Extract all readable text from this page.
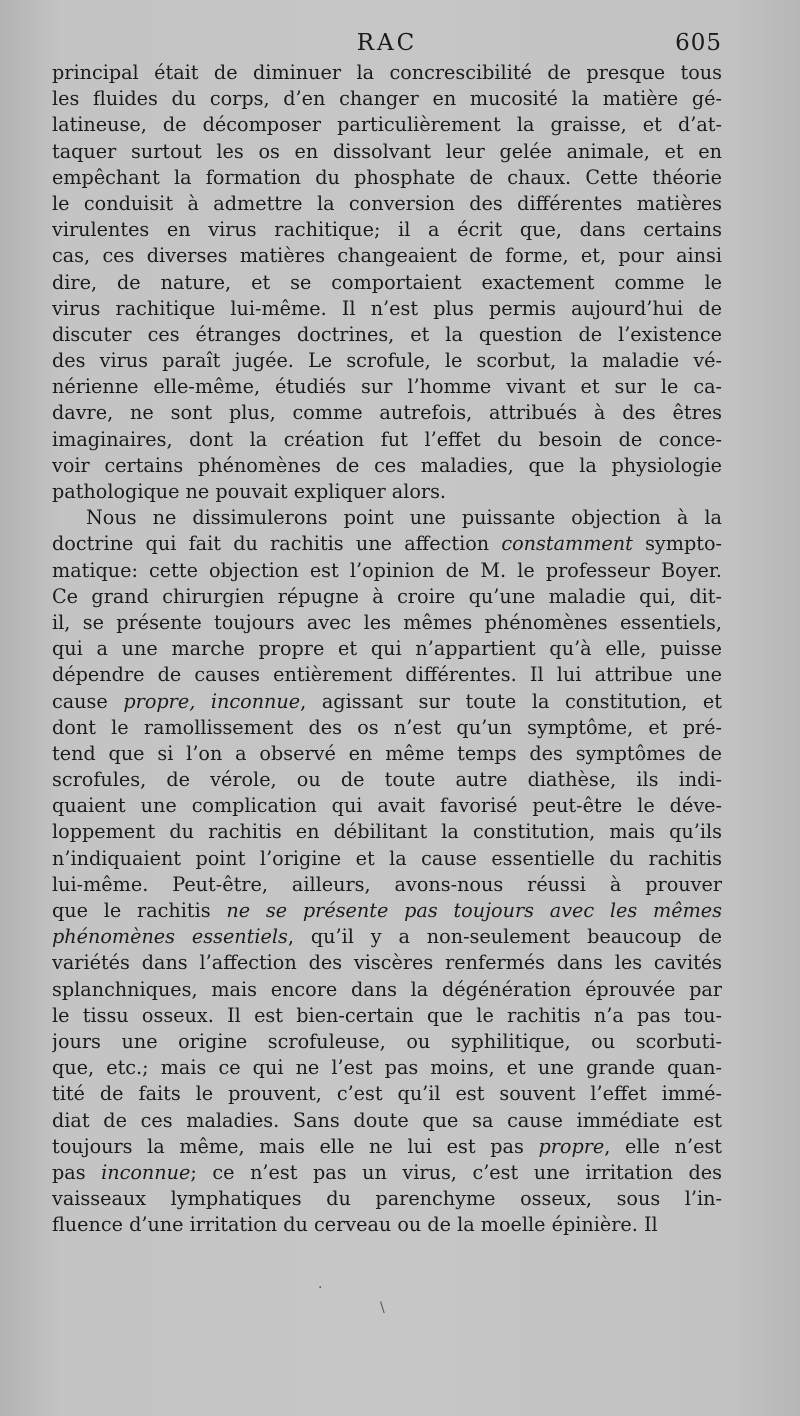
RAC	605
principal était de diminuer la concrescibilité de presque tous
les fluides du corps, d’en changer en mucosité la matière gé-
latineuse, de décomposer particulièrement la graisse, et d’at-
taquer surtout les os en dissolvant leur gelée animale, et en
empêchant la formation du phosphate de chaux. Cette théorie
le conduisit à admettre la conversion des différentes matières
virulentes en virus rachitique; il a écrit que, dans certains
cas, ces diverses matières changeaient de forme, et, pour ainsi
dire, de nature, et se comportaient exactement comme le
virus rachitique lui-même. Il n’est plus permis aujourd’hui de
discuter ces étranges doctrines, et la question de l’existence
des virus paraît jugée. Le scrofule, le scorbut, la maladie vé-
nérienne elle-même, étudiés sur l’homme vivant et sur le ca-
davre, ne sont plus, comme autrefois, attribués à des êtres
imaginaires, dont la création fut l’effet du besoin de conce-
voir certains phénomènes de ces maladies, que la physiologie
pathologique ne pouvait expliquer alors.
Nous ne dissimulerons point une puissante objection à la
doctrine qui fait du rachitis une affection constamment sympto-
matique: cette objection est l’opinion de M. le professeur Boyer.
Ce grand chirurgien répugne à croire qu’une maladie qui, dit-
il, se présente toujours avec les mêmes phénomènes essentiels,
qui a une marche propre et qui n’appartient qu’à elle, puisse
dépendre de causes entièrement différentes. Il lui attribue une
cause propre, inconnue, agissant sur toute la constitution, et
dont le ramollissement des os n’est qu’un symptôme, et pré-
tend que si l’on a observé en même temps des symptômes de
scrofules, de vérole, ou de toute autre diathèse, ils indi-
quaient une complication qui avait favorisé peut-être le déve-
loppement du rachitis en débilitant la constitution, mais qu’ils
n’indiquaient point l’origine et la cause essentielle du rachitis
lui-même. Peut-être, ailleurs, avons-nous réussi à prouver
que le rachitis ne se présente pas toujours avec les mêmes
phénomènes essentiels, qu’il y a non-seulement beaucoup de
variétés dans l’affection des viscères renfermés dans les cavités
splanchniques, mais encore dans la dégénération éprouvée par
le tissu osseux. Il est bien-certain que le rachitis n’a pas tou-
jours une origine scrofuleuse, ou syphilitique, ou scorbuti-
que, etc.; mais ce qui ne l’est pas moins, et une grande quan-
tité de faits le prouvent, c’est qu’il est souvent l’effet immé-
diat de ces maladies. Sans doute que sa cause immédiate est
toujours la même, mais elle ne lui est pas propre, elle n’est
pas inconnue; ce n’est pas un virus, c’est une irritation des
vaisseaux lymphatiques du parenchyme osseux, sous l’in-
fluence d’une irritation du cerveau ou de la moelle épinière. Il
·
\
